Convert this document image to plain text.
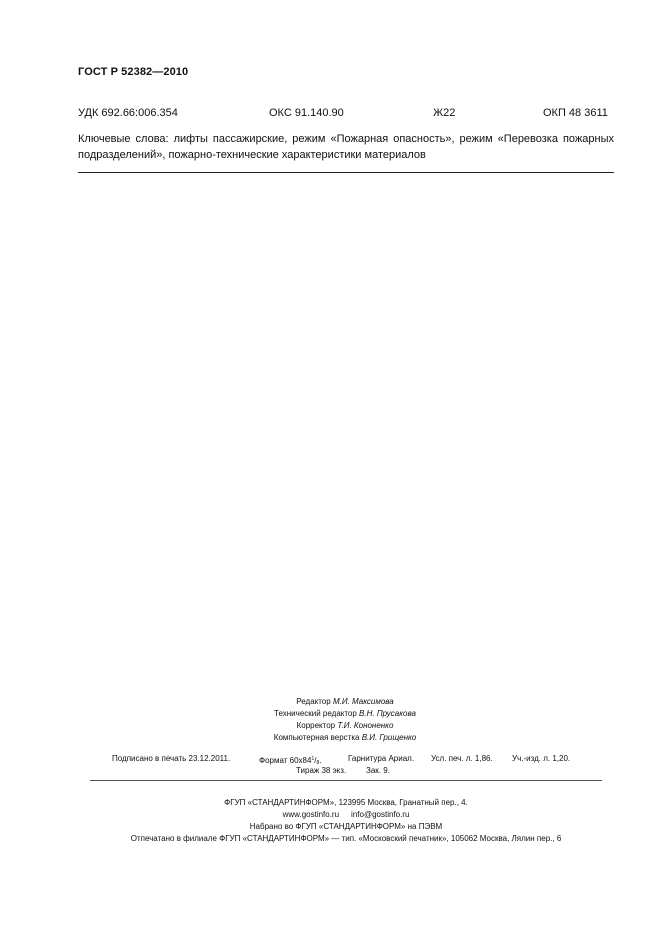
ГОСТ Р 52382—2010
УДК 692.66:006.354	ОКС 91.140.90	Ж22	ОКП 48 3611
Ключевые слова: лифты пассажирские, режим «Пожарная опасность», режим «Перевозка пожарных
подразделений», пожарно-технические характеристики материалов
Редактор М.И. Максимова
Технический редактор В.Н. Прусакова
Корректор Т.И. Кононенко
Компьютерная верстка В.И. Грищенко
Подписано в печать 23.12.2011.	Формат $60x84^1/_8$.	Гарнитура Ариал. Усл. печ. л. 1,86. Уч.-изд. л. 1,20.
Тираж 38 экз. Зак. 9.
ФГУП «СТАНДАРТИНФОРМ», 123995 Москва, Гранатный пер., 4.
www.gostinfo.ru info@gostinfo.ru
Набрано во ФГУП «СТАНДАРТИНФОРМ» на ПЭВМ
Отпечатано в филиале ФГУП «СТАНДАРТИНФОРМ» — тип. «Московский печатник», 105062 Москва, Лялин пер., 6
